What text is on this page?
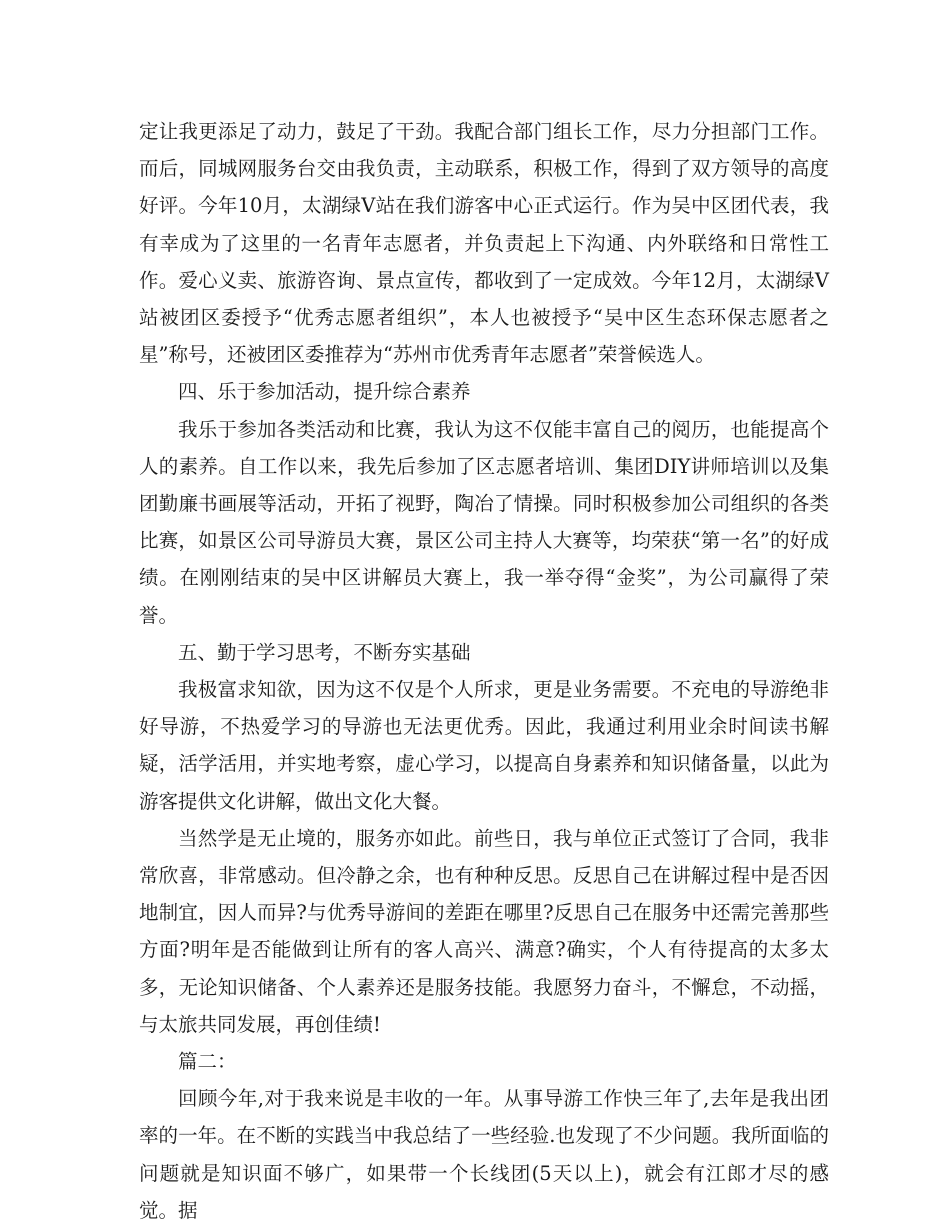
定让我更添足了动力，鼓足了干劲。我配合部门组长工作，尽力分担部门工作。而后，同城网服务台交由我负责，主动联系，积极工作，得到了双方领导的高度好评。今年10月，太湖绿V站在我们游客中心正式运行。作为吴中区团代表，我有幸成为了这里的一名青年志愿者，并负责起上下沟通、内外联络和日常性工作。爱心义卖、旅游咨询、景点宣传，都收到了一定成效。今年12月，太湖绿V站被团区委授予“优秀志愿者组织”，本人也被授予“吴中区生态环保志愿者之星”称号，还被团区委推荐为“苏州市优秀青年志愿者”荣誉候选人。

四、乐于参加活动，提升综合素养

我乐于参加各类活动和比赛，我认为这不仅能丰富自己的阅历，也能提高个人的素养。自工作以来，我先后参加了区志愿者培训、集团DIY讲师培训以及集团勤廉书画展等活动，开拓了视野，陶冶了情操。同时积极参加公司组织的各类比赛，如景区公司导游员大赛，景区公司主持人大赛等，均荣获“第一名”的好成绩。在刚刚结束的吴中区讲解员大赛上，我一举夺得“金奖”，为公司赢得了荣誉。

五、勤于学习思考，不断夯实基础

我极富求知欲，因为这不仅是个人所求，更是业务需要。不充电的导游绝非好导游，不热爱学习的导游也无法更优秀。因此，我通过利用业余时间读书解疑，活学活用，并实地考察，虚心学习，以提高自身素养和知识储备量，以此为游客提供文化讲解，做出文化大餐。

当然学是无止境的，服务亦如此。前些日，我与单位正式签订了合同，我非常欣喜，非常感动。但冷静之余，也有种种反思。反思自己在讲解过程中是否因地制宜，因人而异?与优秀导游间的差距在哪里?反思自己在服务中还需完善那些方面?明年是否能做到让所有的客人高兴、满意?确实，个人有待提高的太多太多，无论知识储备、个人素养还是服务技能。我愿努力奋斗，不懈怠，不动摇，与太旅共同发展，再创佳绩!

篇二：

回顾今年,对于我来说是丰收的一年。从事导游工作快三年了,去年是我出团率的一年。在不断的实践当中我总结了一些经验.也发现了不少问题。我所面临的问题就是知识面不够广，如果带一个长线团(5天以上)，就会有江郎才尽的感觉。据
